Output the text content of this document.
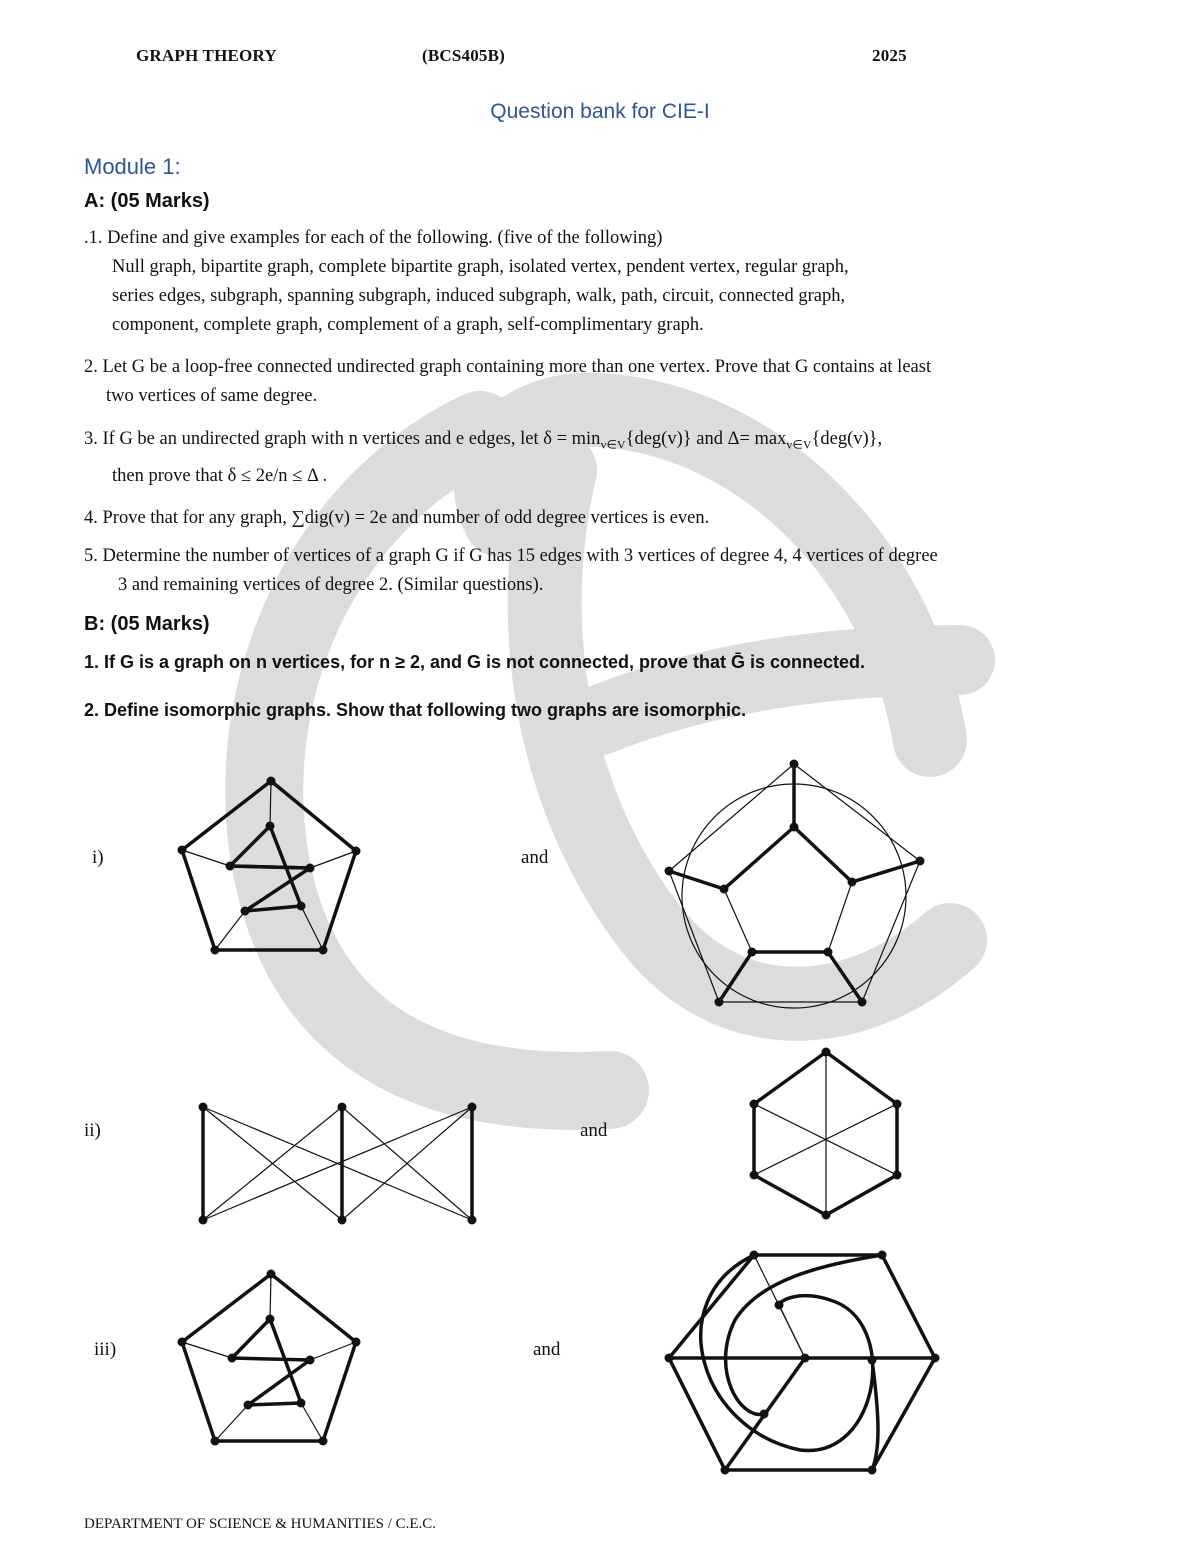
GRAPH THEORY	(BCS405B)	2025
Question bank for CIE-I
Module 1:
A: (05 Marks)

.1. Define and give examples for each of the following. (five of the following)

Null graph, bipartite graph, complete bipartite graph, isolated vertex, pendent vertex, regular graph,

series edges, subgraph, spanning subgraph, induced subgraph, walk, path, circuit, connected graph,

component, complete graph, complement of a graph, self-complimentary graph.

2. Let G be a loop-free connected undirected graph containing more than one vertex. Prove that G contains at least

two vertices of same degree.

3. If G be an undirected graph with n vertices and e edges, let $\delta = \min_{v\in V}\{deg(v)\}$ and $\Delta= \max_{v\in V}\{deg(v)\}$,

then prove that δ ≤ 2e/n ≤ Δ .

4. Prove that for any graph, ∑dig(v) = 2e and number of odd degree vertices is even.

5. Determine the number of vertices of a graph G if G has 15 edges with 3 vertices of degree 4, 4 vertices of degree

3 and remaining vertices of degree 2. (Similar questions).

B: (05 Marks)
1. If G is a graph on n vertices, for n ≥ 2, and G is not connected, prove that Ḡ is connected.
2. Define isomorphic graphs. Show that following two graphs are isomorphic.
i)	and
ii)	and
iii)	and
DEPARTMENT OF SCIENCE & HUMANITIES / C.E.C.
